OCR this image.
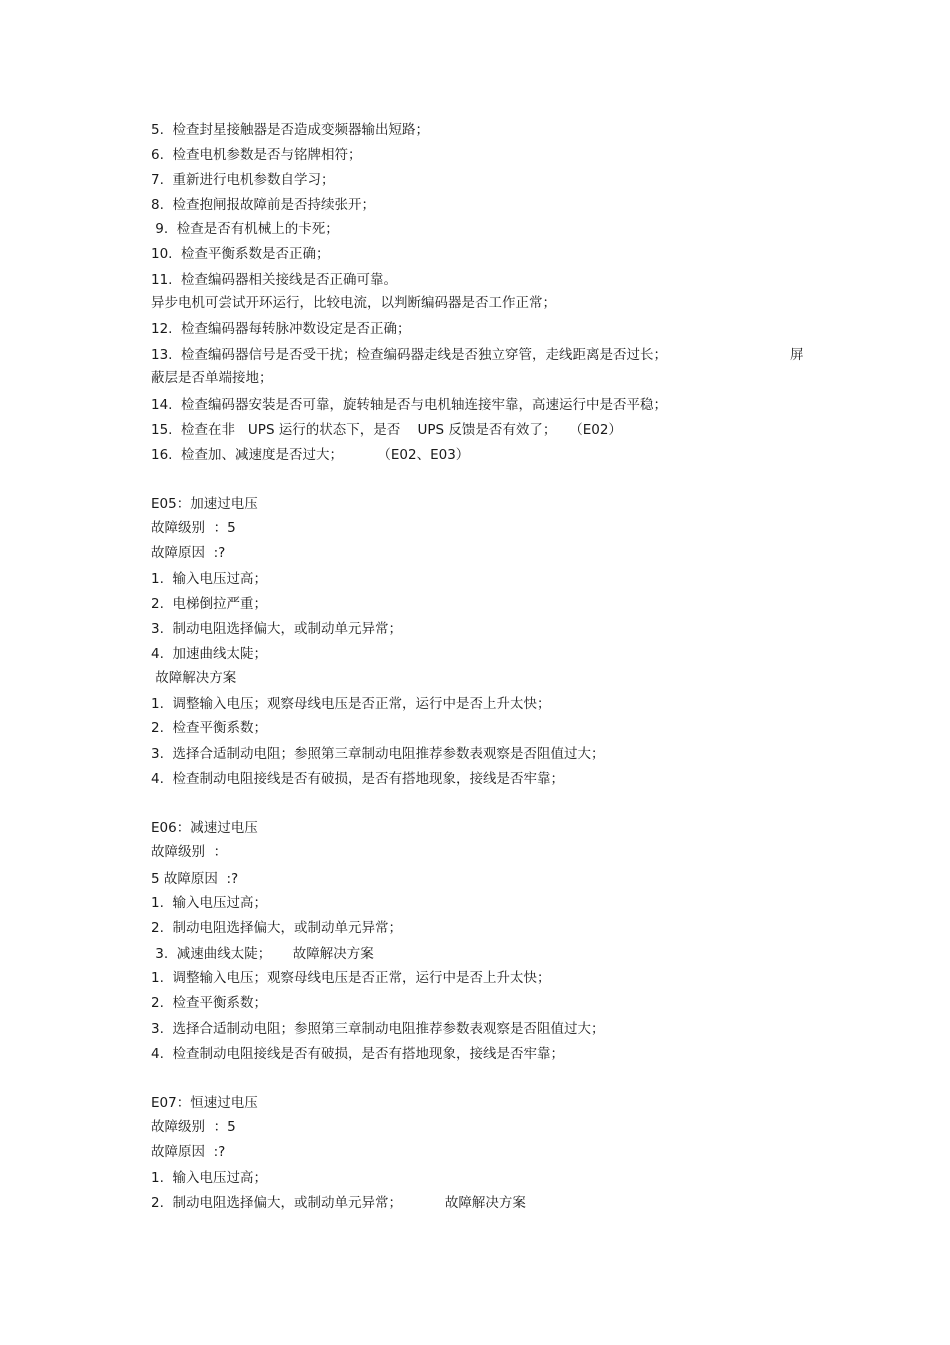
5.  检查封星接触器是否造成变频器输出短路；

6.  检查电机参数是否与铭牌相符；

7.  重新进行电机参数自学习；

8.  检查抱闸报故障前是否持续张开；

9.  检查是否有机械上的卡死；

10.  检查平衡系数是否正确；

11.  检查编码器相关接线是否正确可靠。

异步电机可尝试开环运行，比较电流，以判断编码器是否工作正常；

12.  检查编码器每转脉冲数设定是否正确；

13.  检查编码器信号是否受干扰；检查编码器走线是否独立穿管，走线距离是否过长；	屏

蔽层是否单端接地；

14.  检查编码器安装是否可靠，旋转轴是否与电机轴连接牢靠，高速运行中是否平稳；

15.  检查在非   UPS 运行的状态下，是否    UPS 反馈是否有效了；   （E02）

16.  检查加、减速度是否过大；        （E02、E03）

E05：加速过电压

故障级别  ：5

故障原因  :?

1.  输入电压过高；

2.  电梯倒拉严重；

3.  制动电阻选择偏大，或制动单元异常；

4.  加速曲线太陡；

故障解决方案

1.  调整输入电压；观察母线电压是否正常，运行中是否上升太快；

2.  检查平衡系数；

3.  选择合适制动电阻；参照第三章制动电阻推荐参数表观察是否阻值过大；

4.  检查制动电阻接线是否有破损，是否有搭地现象，接线是否牢靠；

E06：减速过电压

故障级别  ：

5 故障原因  :?

1.  输入电压过高；

2.  制动电阻选择偏大，或制动单元异常；

3.  减速曲线太陡；     故障解决方案

1.  调整输入电压；观察母线电压是否正常，运行中是否上升太快；

2.  检查平衡系数；

3.  选择合适制动电阻；参照第三章制动电阻推荐参数表观察是否阻值过大；

4.  检查制动电阻接线是否有破损，是否有搭地现象，接线是否牢靠；

E07：恒速过电压

故障级别  ：5

故障原因  :?

1.  输入电压过高；

2.  制动电阻选择偏大，或制动单元异常；          故障解决方案
